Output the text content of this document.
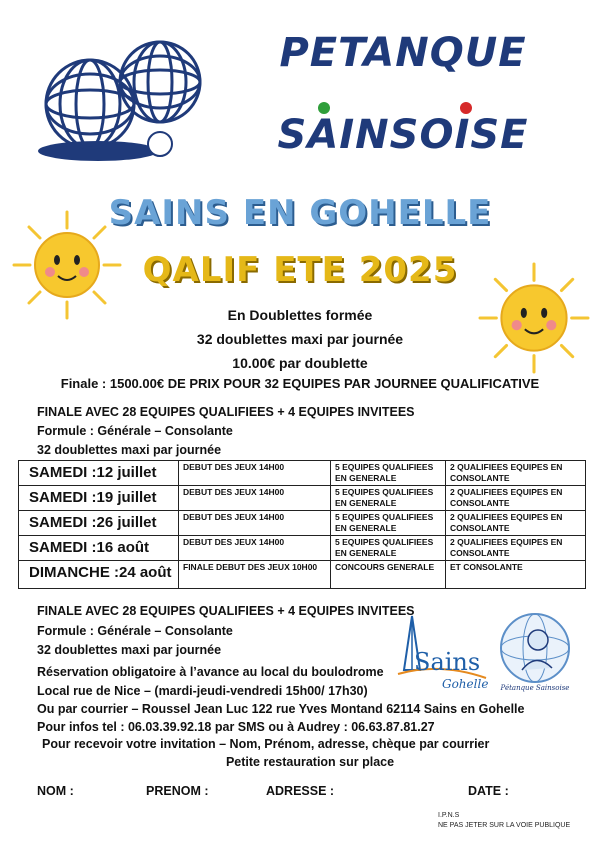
PETANQUE
SAINSOISE
SAINS EN GOHELLE
QALIF ETE 2025
En Doublettes formée
32 doublettes maxi par journée
10.00€ par doublette
Finale : 1500.00€ DE PRIX POUR 32 EQUIPES PAR JOURNEE QUALIFICATIVE
FINALE AVEC 28 EQUIPES QUALIFIEES + 4 EQUIPES INVITEES
Formule : Générale – Consolante
32 doublettes maxi par journée
SAMEDI :12 juillet	DEBUT DES JEUX 14H00	5 EQUIPES QUALIFIEES EN GENERALE	2 QUALIFIEES EQUIPES EN CONSOLANTE
SAMEDI :19 juillet	DEBUT DES JEUX 14H00	5 EQUIPES QUALIFIEES EN GENERALE	2 QUALIFIEES EQUIPES EN CONSOLANTE
SAMEDI :26 juillet	DEBUT DES JEUX 14H00	5 EQUIPES QUALIFIEES EN GENERALE	2 QUALIFIEES EQUIPES EN CONSOLANTE
SAMEDI :16 août	DEBUT DES JEUX 14H00	5 EQUIPES QUALIFIEES EN GENERALE	2 QUALIFIEES EQUIPES EN CONSOLANTE
DIMANCHE :24 août	FINALE DEBUT DES JEUX 10H00	CONCOURS GENERALE	ET CONSOLANTE
FINALE AVEC 28 EQUIPES QUALIFIEES + 4 EQUIPES INVITEES
Formule : Générale – Consolante
32 doublettes maxi par journée
Réservation obligatoire à l’avance au local du boulodrome
Local rue de Nice – (mardi-jeudi-vendredi 15h00/ 17h30)
Ou par courrier – Roussel Jean Luc 122 rue Yves Montand 62114 Sains en Gohelle
Pour infos tel : 06.03.39.92.18 par SMS ou à Audrey : 06.63.87.81.27
Pour recevoir votre invitation – Nom, Prénom, adresse, chèque par courrier
Petite restauration sur place
Sains
Gohelle Pétanque Sainsoise
NOM :	PRENOM :	ADRESSE :	DATE :
I.P.N.S
NE PAS JETER SUR LA VOIE PUBLIQUE
